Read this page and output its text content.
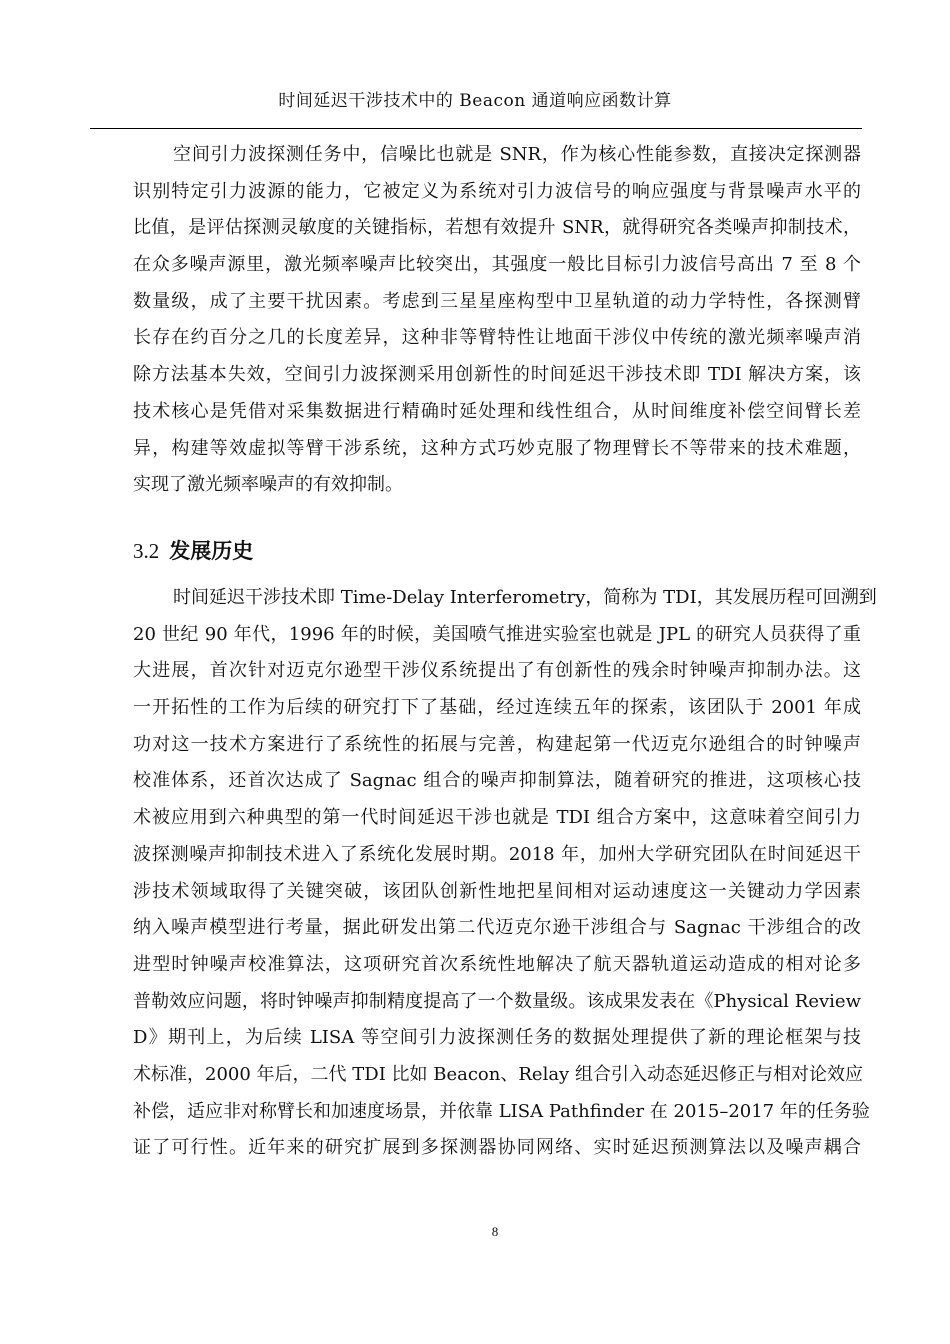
时间延迟干涉技术中的 Beacon 通道响应函数计算
空间引力波探测任务中，信噪比也就是 SNR，作为核心性能参数，直接决定探测器
识别特定引力波源的能力，它被定义为系统对引力波信号的响应强度与背景噪声水平的
比值，是评估探测灵敏度的关键指标，若想有效提升 SNR，就得研究各类噪声抑制技术，
在众多噪声源里，激光频率噪声比较突出，其强度一般比目标引力波信号高出 7 至 8 个
数量级，成了主要干扰因素。考虑到三星星座构型中卫星轨道的动力学特性，各探测臂
长存在约百分之几的长度差异，这种非等臂特性让地面干涉仪中传统的激光频率噪声消
除方法基本失效，空间引力波探测采用创新性的时间延迟干涉技术即 TDI 解决方案，该
技术核心是凭借对采集数据进行精确时延处理和线性组合，从时间维度补偿空间臂长差
异，构建等效虚拟等臂干涉系统，这种方式巧妙克服了物理臂长不等带来的技术难题，
实现了激光频率噪声的有效抑制。
3.2 发展历史
时间延迟干涉技术即 Time-Delay Interferometry，简称为 TDI，其发展历程可回溯到
20 世纪 90 年代，1996 年的时候，美国喷气推进实验室也就是 JPL 的研究人员获得了重
大进展，首次针对迈克尔逊型干涉仪系统提出了有创新性的残余时钟噪声抑制办法。这
一开拓性的工作为后续的研究打下了基础，经过连续五年的探索，该团队于 2001 年成
功对这一技术方案进行了系统性的拓展与完善，构建起第一代迈克尔逊组合的时钟噪声
校准体系，还首次达成了 Sagnac 组合的噪声抑制算法，随着研究的推进，这项核心技
术被应用到六种典型的第一代时间延迟干涉也就是 TDI 组合方案中，这意味着空间引力
波探测噪声抑制技术进入了系统化发展时期。2018 年，加州大学研究团队在时间延迟干
涉技术领域取得了关键突破，该团队创新性地把星间相对运动速度这一关键动力学因素
纳入噪声模型进行考量，据此研发出第二代迈克尔逊干涉组合与 Sagnac 干涉组合的改
进型时钟噪声校准算法，这项研究首次系统性地解决了航天器轨道运动造成的相对论多
普勒效应问题，将时钟噪声抑制精度提高了一个数量级。该成果发表在《Physical Review
D》期刊上，为后续 LISA 等空间引力波探测任务的数据处理提供了新的理论框架与技
术标准，2000 年后，二代 TDI 比如 Beacon、Relay 组合引入动态延迟修正与相对论效应
补偿，适应非对称臂长和加速度场景，并依靠 LISA Pathfinder 在 2015–2017 年的任务验
证了可行性。近年来的研究扩展到多探测器协同网络、实时延迟预测算法以及噪声耦合
8
